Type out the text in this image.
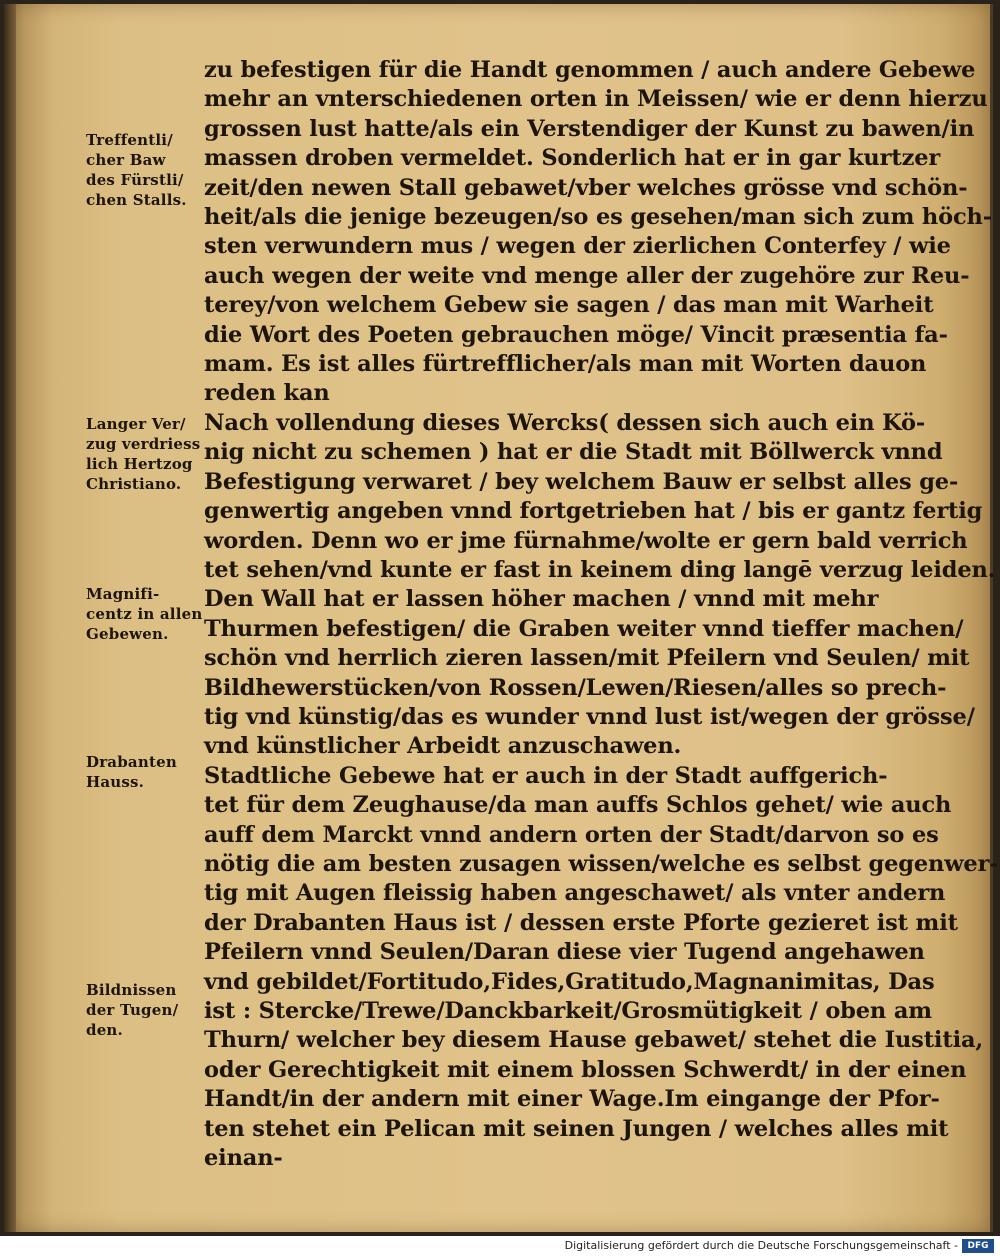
Treffentli/
cher Baw
des Fürstli/
chen Stalls.
Langer Ver/
zug verdriess
lich Hertzog
Christiano.
Magnifi-
centz in allen
Gebewen.
Drabanten
Hauss.
Bildnissen
der Tugen/
den.
zu befestigen für die Handt genommen / auch andere Gebewe
mehr an vnterschiedenen orten in Meissen/ wie er denn hierzu
grossen lust hatte/als ein Verstendiger der Kunst zu bawen/in
massen droben vermeldet. Sonderlich hat er in gar kurtzer
zeit/den newen Stall gebawet/vber welches grösse vnd schön-
heit/als die jenige bezeugen/so es gesehen/man sich zum höch-
sten verwundern mus / wegen der zierlichen Conterfey / wie
auch wegen der weite vnd menge aller der zugehöre zur Reu-
terey/von welchem Gebew sie sagen / das man mit Warheit
die Wort des Poeten gebrauchen möge/ Vincit præsentia fa-
mam. Es ist alles fürtrefflicher/als man mit Worten dauon
reden kan
Nach vollendung dieses Wercks( dessen sich auch ein Kö-
nig nicht zu schemen ) hat er die Stadt mit Böllwerck vnnd
Befestigung verwaret / bey welchem Bauw er selbst alles ge-
genwertig angeben vnnd fortgetrieben hat / bis er gantz fertig
worden. Denn wo er jme fürnahme/wolte er gern bald verrich
tet sehen/vnd kunte er fast in keinem ding langē verzug leiden.
Den Wall hat er lassen höher machen / vnnd mit mehr
Thurmen befestigen/ die Graben weiter vnnd tieffer machen/
schön vnd herrlich zieren lassen/mit Pfeilern vnd Seulen/ mit
Bildhewerstücken/von Rossen/Lewen/Riesen/alles so prech-
tig vnd künstig/das es wunder vnnd lust ist/wegen der grösse/
vnd künstlicher Arbeidt anzuschawen.
Stadtliche Gebewe hat er auch in der Stadt auffgerich-
tet für dem Zeughause/da man auffs Schlos gehet/ wie auch
auff dem Marckt vnnd andern orten der Stadt/darvon so es
nötig die am besten zusagen wissen/welche es selbst gegenwer-
tig mit Augen fleissig haben angeschawet/ als vnter andern
der Drabanten Haus ist / dessen erste Pforte gezieret ist mit
Pfeilern vnnd Seulen/Daran diese vier Tugend angehawen
vnd gebildet/Fortitudo,Fides,Gratitudo,Magnanimitas, Das
ist : Stercke/Trewe/Danckbarkeit/Grosmütigkeit / oben am
Thurn/ welcher bey diesem Hause gebawet/ stehet die Iustitia,
oder Gerechtigkeit mit einem blossen Schwerdt/ in der einen
Handt/in der andern mit einer Wage.Im eingange der Pfor-
ten stehet ein Pelican mit seinen Jungen / welches alles mit
einan-
Digitalisierung gefördert durch die Deutsche Forschungsgemeinschaft -	DFG
